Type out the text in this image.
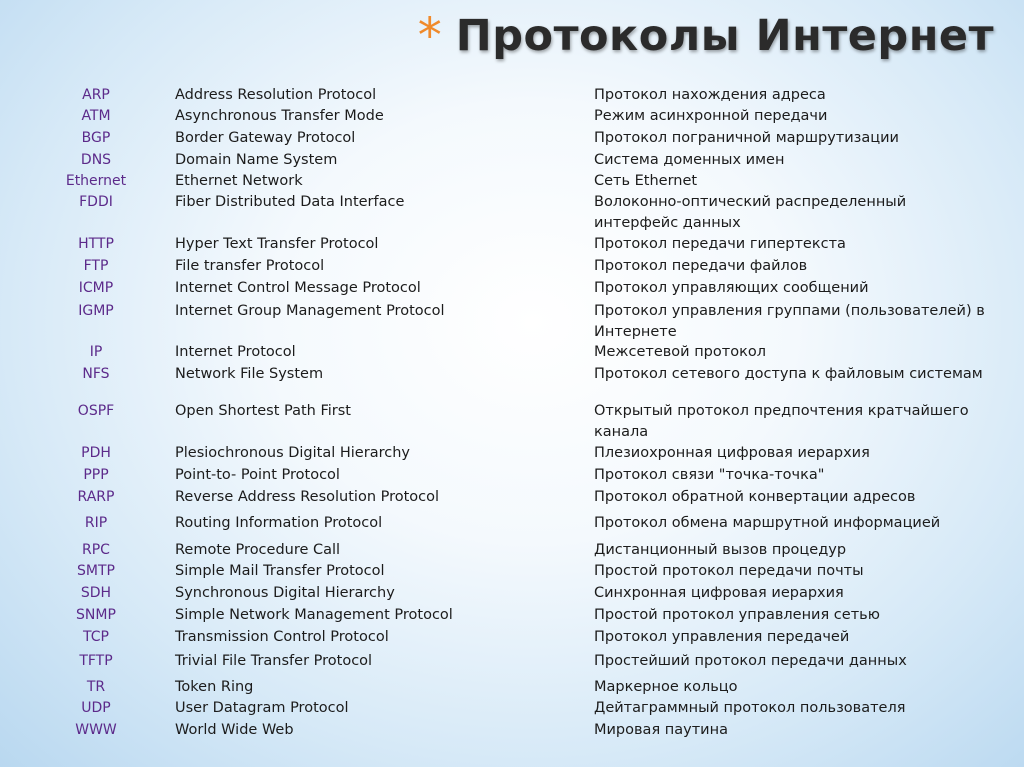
* Протоколы Интернет
ARP	Address Resolution Protocol	Протокол нахождения адреса
ATM	Asynchronous Transfer Mode	Режим асинхронной передачи
BGP	Border Gateway Protocol	Протокол пограничной маршрутизации
DNS	Domain Name System	Система доменных имен
Ethernet	Ethernet Network	Сеть Ethernet
FDDI	Fiber Distributed Data Interface	Волоконно-оптический распределенный интерфейс данных
HTTP	Hyper Text Transfer Protocol	Протокол передачи гипертекста
FTP	File transfer Protocol	Протокол передачи файлов
ICMP	Internet Control Message Protocol	Протокол управляющих сообщений
IGMP	Internet Group Management Protocol	Протокол управления группами (пользователей) в Интернете
IP	Internet Protocol	Межсетевой протокол
NFS	Network File System	Протокол сетевого доступа к файловым системам
OSPF	Open Shortest Path First	Открытый протокол предпочтения кратчайшего канала
PDH	Plesiochronous Digital Hierarchy	Плезиохронная цифровая иерархия
PPP	Point-to- Point Protocol	Протокол связи "точка-точка"
RARP	Reverse Address Resolution Protocol	Протокол обратной конвертации адресов
RIP	Routing Information Protocol	Протокол обмена маршрутной информацией
RPC	Remote Procedure Call	Дистанционный вызов процедур
SMTP	Simple Mail Transfer Protocol	Простой протокол передачи почты
SDH	Synchronous Digital Hierarchy	Синхронная цифровая иерархия
SNMP	Simple Network Management Protocol	Простой протокол управления сетью
TCP	Transmission Control Protocol	Протокол управления передачей
TFTP	Trivial File Transfer Protocol	Простейший протокол передачи данных
TR	Token Ring	Маркерное кольцо
UDP	User Datagram Protocol	Дейтаграммный протокол пользователя
WWW	World Wide Web	Мировая паутина
